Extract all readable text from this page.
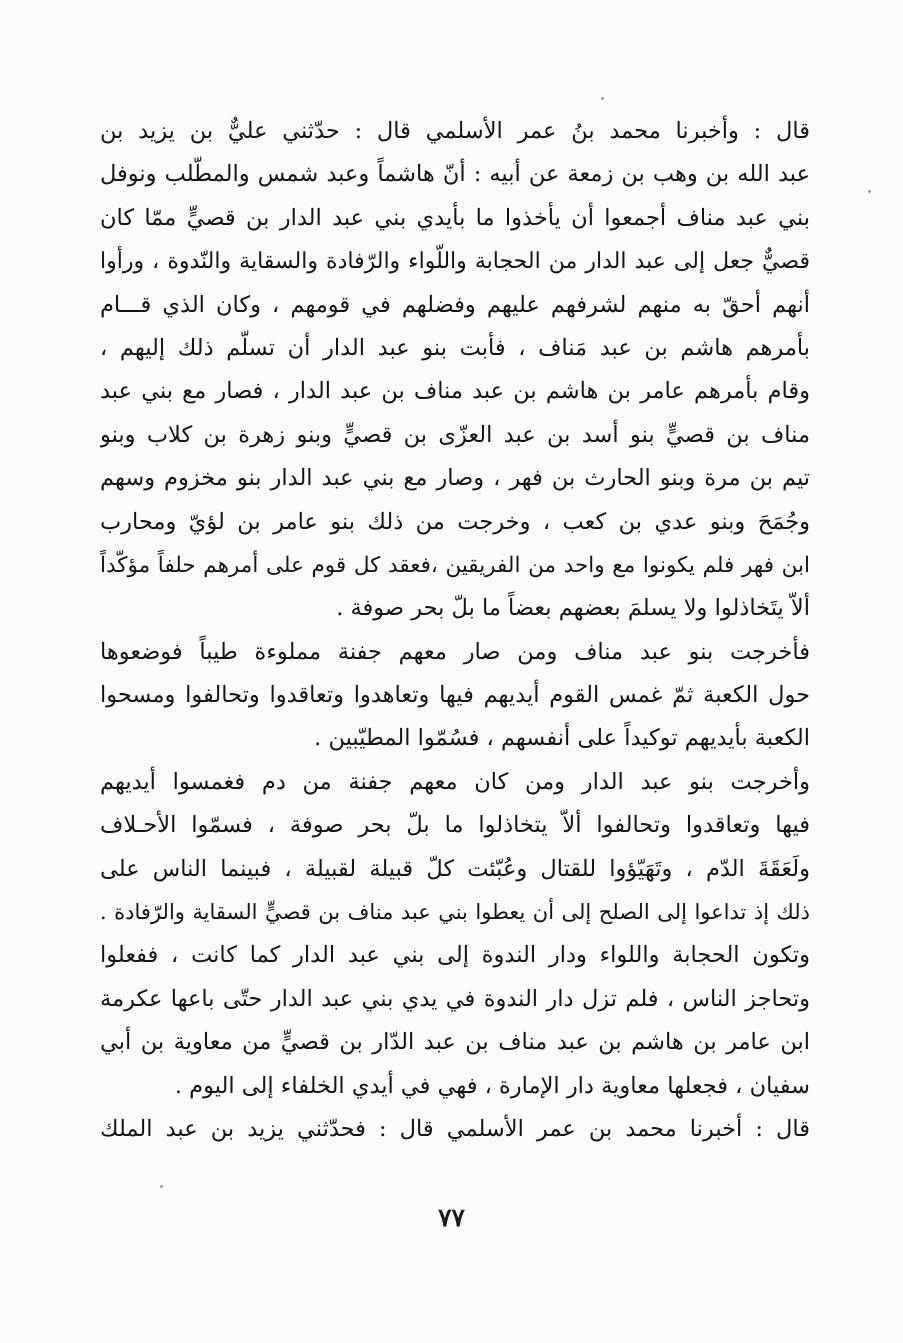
قال : وأخبرنا محمد بنُ عمر الأسلمي قال : حدّثني عليٌّ بن يزيد بن
عبد الله بن وهب بن زمعة عن أبيه : أنّ هاشماً وعبد شمس والمطّلب ونوفل
بني عبد مناف أجمعوا أن يأخذوا ما بأيدي بني عبد الدار بن قصيٍّ ممّا كان
قصيٌّ جعل إلى عبد الدار من الحجابة واللّواء والرّفادة والسقاية والنّدوة ، ورأوا
أنهم أحقّ به منهم لشرفهم عليهم وفضلهم في قومهم ، وكان الذي قـــام
بأمرهم هاشم بن عبد مَناف ، فأبت بنو عبد الدار أن تسلّم ذلك إليهم ،
وقام بأمرهم عامر بن هاشم بن عبد مناف بن عبد الدار ، فصار مع بني عبد
مناف بن قصيٍّ بنو أسد بن عبد العزّى بن قصيٍّ وبنو زهرة بن كلاب وبنو
تيم بن مرة وبنو الحارث بن فهر ، وصار مع بني عبد الدار بنو مخزوم وسهم
وجُمَحَ وبنو عدي بن كعب ، وخرجت من ذلك بنو عامر بن لؤيّ ومحارب
ابن فهر فلم يكونوا مع واحد من الفريقين ،فعقد كل قوم على أمرهم حلفاً مؤكّداً
ألاّ يتَخاذلوا ولا يسلمَ بعضهم بعضاً ما بلّ بحر صوفة .
فأخرجت بنو عبد مناف ومن صار معهم جفنة مملوءة طيباً فوضعوها
حول الكعبة ثمّ غمس القوم أيديهم فيها وتعاهدوا وتعاقدوا وتحالفوا ومسحوا
الكعبة بأيديهم توكيداً على أنفسهم ، فسُمّوا المطيّبين .
وأخرجت بنو عبد الدار ومن كان معهم جفنة من دم فغمسوا أيديهم
فيها وتعاقدوا وتحالفوا ألاّ يتخاذلوا ما بلّ بحر صوفة ، فسمّوا الأحـلاف
ولَعَقَةَ الدّم ، وتَهَيّؤوا للقتال وعُبّئت كلّ قبيلة لقبيلة ، فبينما الناس على
ذلك إذ تداعوا إلى الصلح إلى أن يعطوا بني عبد مناف بن قصيٍّ السقاية والرّفادة .
وتكون الحجابة واللواء ودار الندوة إلى بني عبد الدار كما كانت ، ففعلوا
وتحاجز الناس ، فلم تزل دار الندوة في يدي بني عبد الدار حتّى باعها عكرمة
ابن عامر بن هاشم بن عبد مناف بن عبد الدّار بن قصيٍّ من معاوية بن أبي
سفيان ، فجعلها معاوية دار الإمارة ، فهي في أيدي الخلفاء إلى اليوم .
قال : أخبرنا محمد بن عمر الأسلمي قال : فحدّثني يزيد بن عبد الملك
٧٧
